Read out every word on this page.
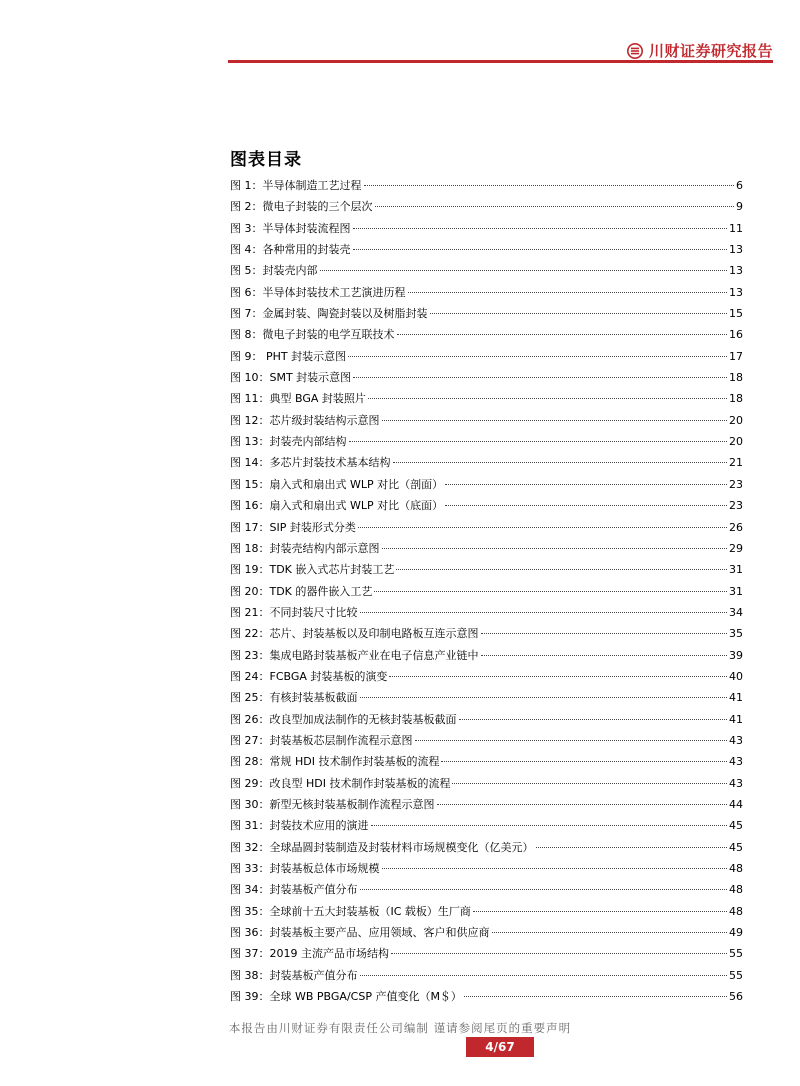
川财证券研究报告
图表目录
图 1：半导体制造工艺过程	6
图 2：微电子封装的三个层次	9
图 3：半导体封装流程图	11
图 4：各种常用的封装壳	13
图 5：封装壳内部	13
图 6：半导体封装技术工艺演进历程	13
图 7：金属封装、陶瓷封装以及树脂封装	15
图 8：微电子封装的电学互联技术	16
图 9： PHT 封装示意图	17
图 10：SMT 封装示意图	18
图 11：典型 BGA 封装照片	18
图 12：芯片级封装结构示意图	20
图 13：封装壳内部结构	20
图 14：多芯片封装技术基本结构	21
图 15：扇入式和扇出式 WLP 对比（剖面）	23
图 16：扇入式和扇出式 WLP 对比（底面）	23
图 17：SIP 封装形式分类	26
图 18：封装壳结构内部示意图	29
图 19：TDK 嵌入式芯片封装工艺	31
图 20：TDK 的器件嵌入工艺	31
图 21：不同封装尺寸比较	34
图 22：芯片、封装基板以及印制电路板互连示意图	35
图 23：集成电路封装基板产业在电子信息产业链中	39
图 24：FCBGA 封装基板的演变	40
图 25：有核封装基板截面	41
图 26：改良型加成法制作的无核封装基板截面	41
图 27：封装基板芯层制作流程示意图	43
图 28：常规 HDI 技术制作封装基板的流程	43
图 29：改良型 HDI 技术制作封装基板的流程	43
图 30：新型无核封装基板制作流程示意图	44
图 31：封装技术应用的演进	45
图 32：全球晶圆封装制造及封装材料市场规模变化（亿美元）	45
图 33：封装基板总体市场规模	48
图 34：封装基板产值分布	48
图 35：全球前十五大封装基板（IC 载板）生厂商	48
图 36：封装基板主要产品、应用领域、客户和供应商	49
图 37：2019 主流产品市场结构	55
图 38：封装基板产值分布	55
图 39：全球 WB PBGA/CSP 产值变化（M＄）	56
本报告由川财证券有限责任公司编制 谨请参阅尾页的重要声明
4/67
